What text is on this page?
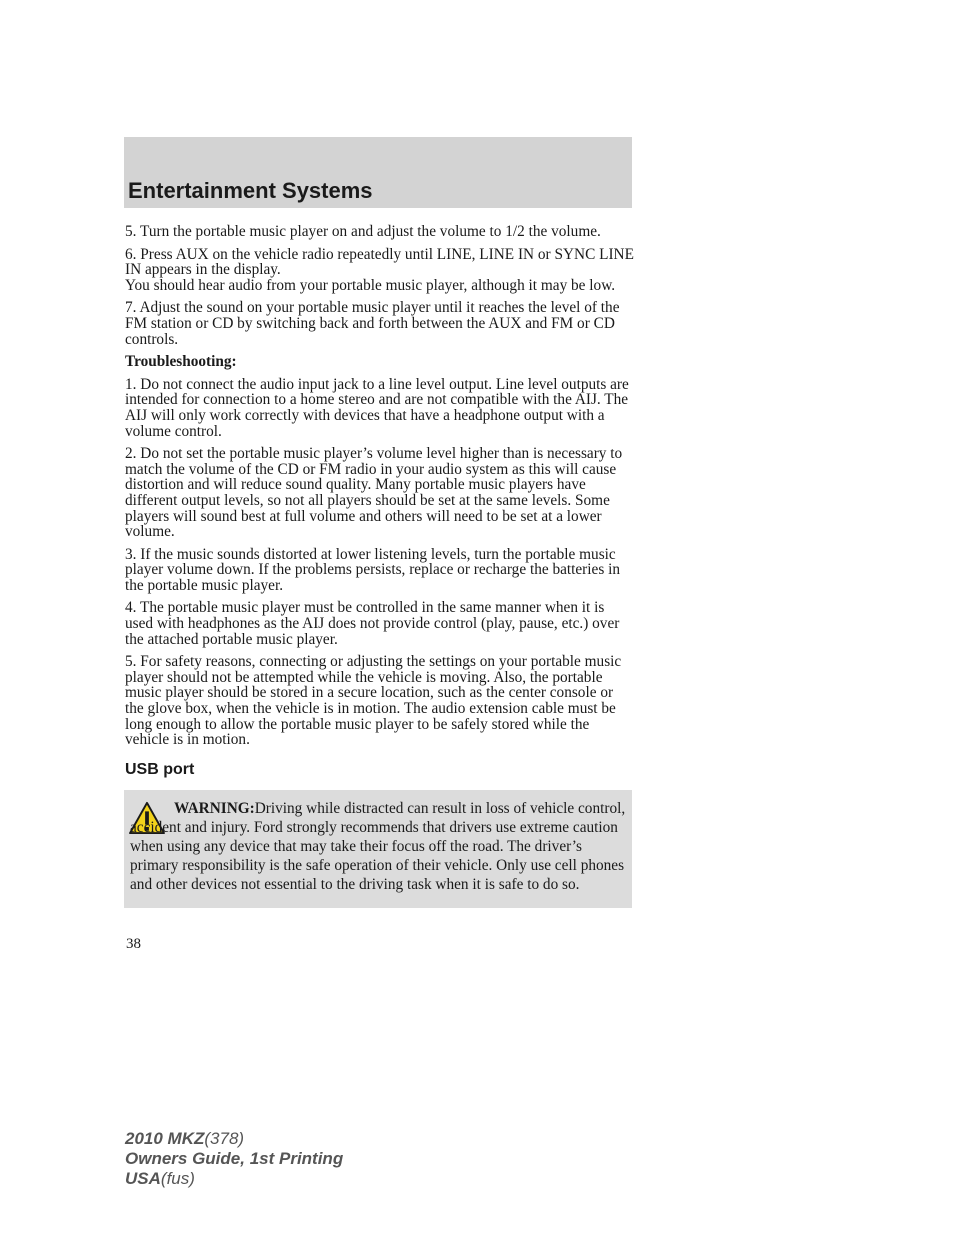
Entertainment Systems

5. Turn the portable music player on and adjust the volume to 1/2 the volume.

6. Press AUX on the vehicle radio repeatedly until LINE, LINE IN or SYNC LINE IN appears in the display.

You should hear audio from your portable music player, although it may be low.

7. Adjust the sound on your portable music player until it reaches the level of the FM station or CD by switching back and forth between the AUX and FM or CD controls.

Troubleshooting:

1. Do not connect the audio input jack to a line level output. Line level outputs are intended for connection to a home stereo and are not compatible with the AIJ. The AIJ will only work correctly with devices that have a headphone output with a volume control.

2. Do not set the portable music player’s volume level higher than is necessary to match the volume of the CD or FM radio in your audio system as this will cause distortion and will reduce sound quality. Many portable music players have different output levels, so not all players should be set at the same levels. Some players will sound best at full volume and others will need to be set at a lower volume.

3. If the music sounds distorted at lower listening levels, turn the portable music player volume down. If the problems persists, replace or recharge the batteries in the portable music player.

4. The portable music player must be controlled in the same manner when it is used with headphones as the AIJ does not provide control (play, pause, etc.) over the attached portable music player.

5. For safety reasons, connecting or adjusting the settings on your portable music player should not be attempted while the vehicle is moving. Also, the portable music player should be stored in a secure location, such as the center console or the glove box, when the vehicle is in motion. The audio extension cable must be long enough to allow the portable music player to be safely stored while the vehicle is in motion.

USB port
WARNING:Driving while distracted can result in loss of vehicle control, accident and injury. Ford strongly recommends that drivers use extreme caution when using any device that may take their focus off the road. The driver’s primary responsibility is the safe operation of their vehicle. Only use cell phones and other devices not essential to the driving task when it is safe to do so.
38
2010 MKZ(378)
Owners Guide, 1st Printing
USA(fus)
